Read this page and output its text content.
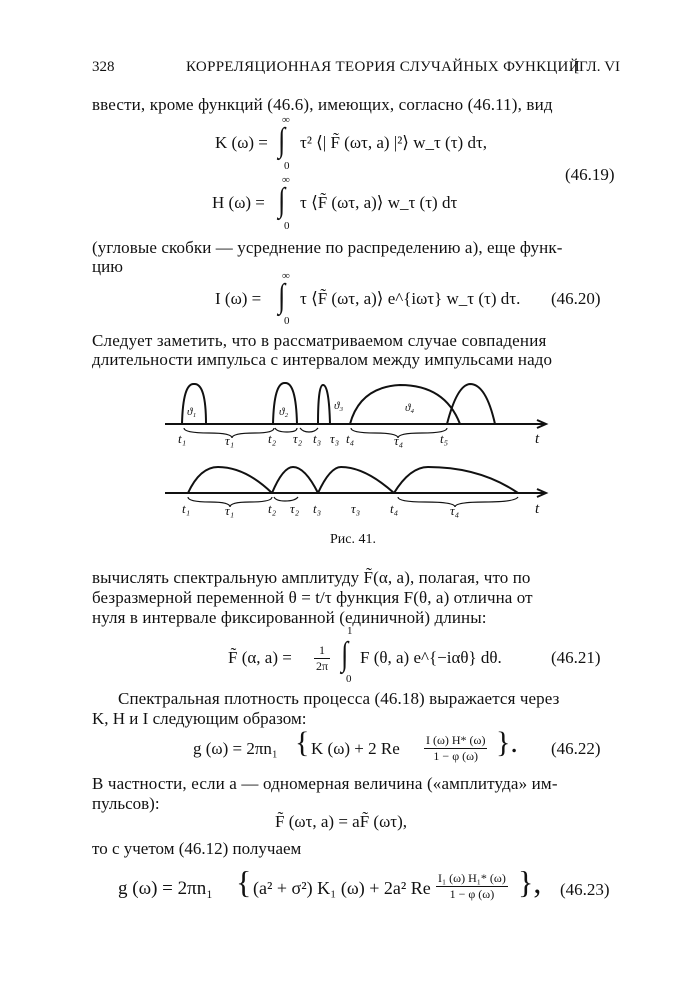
328	КОРРЕЛЯЦИОННАЯ ТЕОРИЯ СЛУЧАЙНЫХ ФУНКЦИЙ
[ГЛ. VI
ввести, кроме функций (46.6), имеющих, согласно (46.11), вид
K (ω) =
∞
∫
0
τ² ⟨| F̃ (ωτ, a) |²⟩ w_τ (τ) dτ,
H (ω) =
∞
∫
0
τ ⟨F̃ (ωτ, a)⟩ w_τ (τ) dτ
(46.19)
(угловые скобки — усреднение по распределению a), еще функ-
цию
I (ω) =
∞
∫
0
τ ⟨F̃ (ωτ, a)⟩ e^{iωτ} w_τ (τ) dτ. (46.20)
Следует заметить, что в рассматриваемом случае совпадения
длительности импульса с интервалом между импульсами надо
t₁	τ₁	t₂ τ₂ t₃ τ₃ t₄	τ₄	t₅	t
ϑ₁	ϑ₂	ϑ₃	ϑ₄
t₁	τ₁	t₂ τ₂ t₃ τ₃ t₄	τ₄	t
Рис. 41.
вычислять спектральную амплитуду F̃(α, a), полагая, что по
безразмерной переменной θ = t/τ функция F(θ, a) отлична от
нуля в интервале фиксированной (единичной) длины:
F̃ (α, $a) = \frac{1}{2\pi}$
1
∫
0
F (θ, a) e^{−iαθ} dθ.	(46.21)
Спектральная плотность процесса (46.18) выражается через
K, H и I следующим образом:
g (ω) = 2πn₁ { K (ω) + 2 Re $\frac{I (\omega) H* (\omega)}{1 - \varphi (\omega)}$ }. (46.22)
В частности, если a — одномерная величина («амплитуда» им-
пульсов):
F̃ (ωτ, a) = aF̃ (ωτ),
то с учетом (46.12) получаем
g (ω) = 2πn₁ { (a² + σ²) K₁ (ω) + 2a² Re $\frac{\text{I₁ (ω) H₁* (ω)}}{1 - \varphi (\omega)}$ }, (46.23)
